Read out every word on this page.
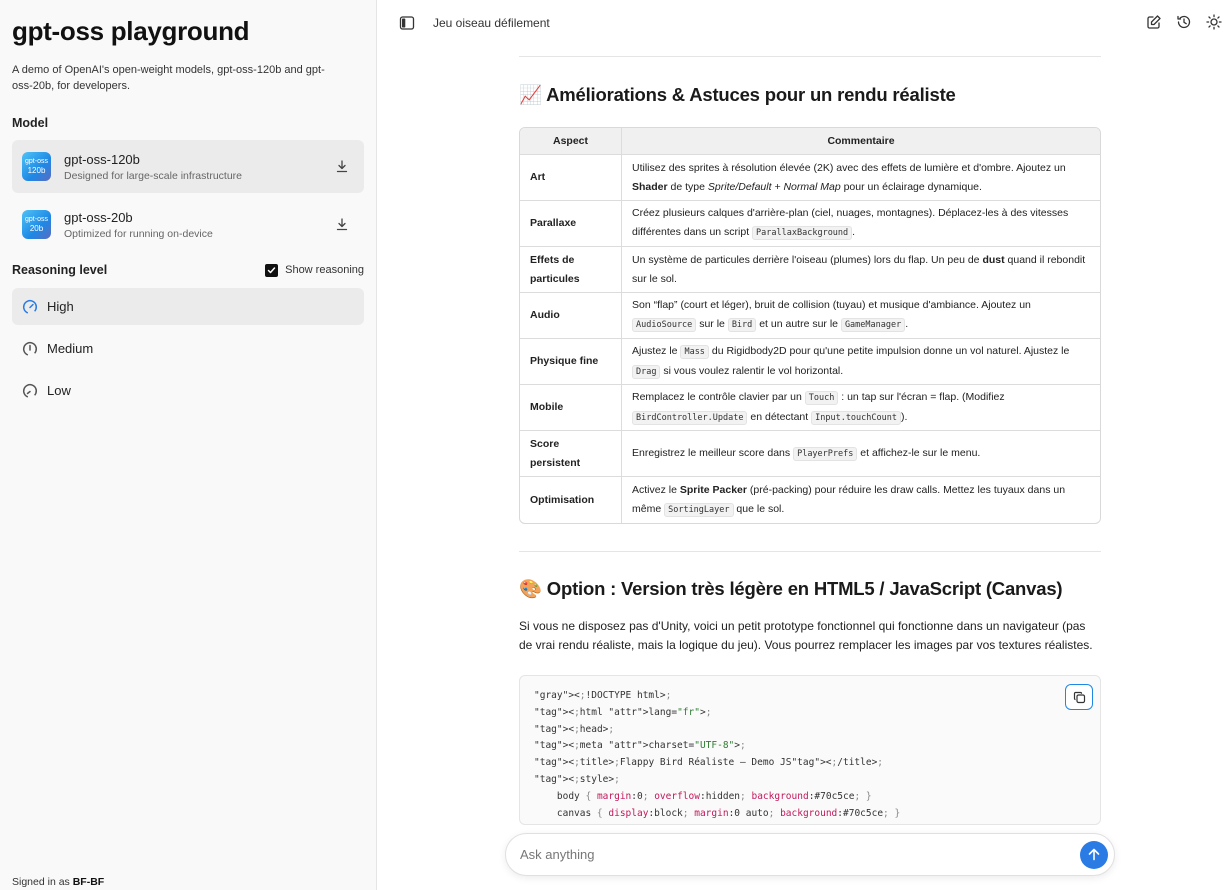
gpt-oss playground
A demo of OpenAI's open-weight models, gpt-oss-120b and gpt-oss-20b, for developers.
Model
gpt-oss
120b
gpt-oss-120b
Designed for large-scale infrastructure
gpt-oss
20b
gpt-oss-20b
Optimized for running on-device
Reasoning level	Show reasoning
High
Medium
Low
Signed in as BF-BF
Jeu oiseau défilement
📈 Améliorations & Astuces pour un rendu réaliste
Aspect	Commentaire
Art	Utilisez des sprites à résolution élevée (2K) avec des effets de lumière et d'ombre. Ajoutez un Shader de type Sprite/Default + Normal Map pour un éclairage dynamique.
Parallaxe	Créez plusieurs calques d'arrière-plan (ciel, nuages, montagnes). Déplacez-les à des vitesses différentes dans un script ParallaxBackground .
Effets de particules	Un système de particules derrière l'oiseau (plumes) lors du flap. Un peu de dust quand il rebondit sur le sol.
Audio	Son “flap” (court et léger), bruit de collision (tuyau) et musique d'ambiance. Ajoutez un AudioSource sur le Bird et un autre sur le GameManager .
Physique fine	Ajustez le Mass du Rigidbody2D pour qu'une petite impulsion donne un vol naturel. Ajustez le Drag si vous voulez ralentir le vol horizontal.
Mobile	Remplacez le contrôle clavier par un Touch : un tap sur l'écran = flap. (Modifiez BirdController.Update en détectant Input.touchCount ).
Score persistent	Enregistrez le meilleur score dans PlayerPrefs et affichez-le sur le menu.
Optimisation	Activez le Sprite Packer (pré-packing) pour réduire les draw calls. Mettez les tuyaux dans un même SortingLayer que le sol.
🎨 Option : Version très légère en HTML5 / JavaScript (Canvas)

Si vous ne disposez pas d'Unity, voici un petit prototype fonctionnel qui fonctionne dans un navigateur (pas de vrai rendu réaliste, mais la logique du jeu). Vous pourrez remplacer les images par vos textures réalistes.

"gray"><;!DOCTYPE html>;
"tag"><;html "attr">lang="fr">;
"tag"><;head>;
"tag"><;meta "attr">charset="UTF-8">;
"tag"><;title>;Flappy Bird Réaliste – Demo JS"tag"><;/title>;
"tag"><;style>;
body { margin:0; overflow:hidden; background:#70c5ce; }
canvas { display:block; margin:0 auto; background:#70c5ce; }
Ask anything
